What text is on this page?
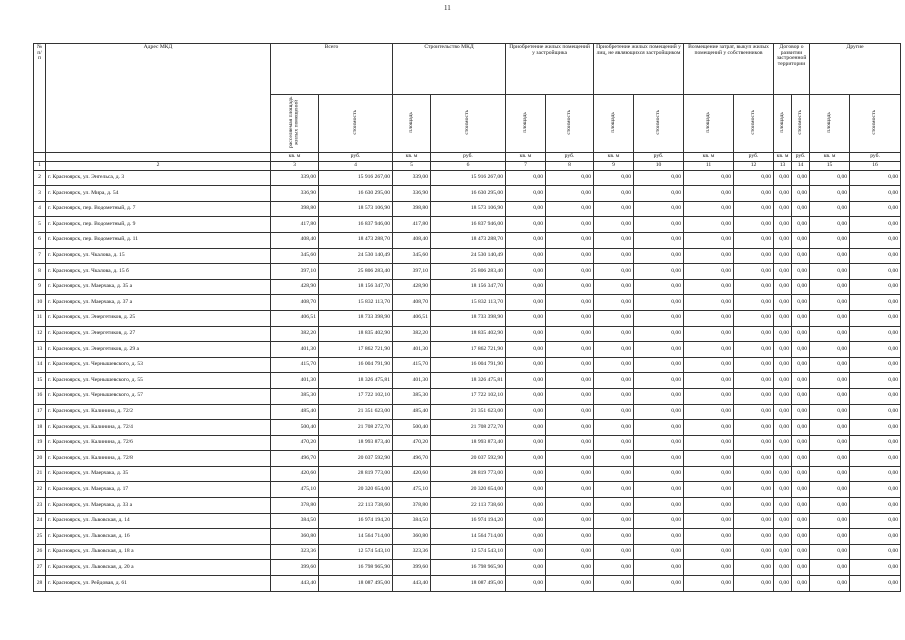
11
№ п/п	Адрес МКД	Всего		Строительство МКД		Приобретение жилых помещений у застройщика		Приобретение жилых помещений у лиц, не являющихся застройщиком		Возмещение затрат, выкуп жилых помещений у собственников		Договор о развитии застроенной территории		Другие	
		расселяемая площадь жилых помещений	стоимость	площадь	стоимость	площадь	стоимость	площадь	стоимость	площадь	стоимость	площадь	стоимость	площадь	стоимость
		кв. м	руб.	кв. м	руб.	кв. м	руб.	кв. м	руб.	кв. м	руб.	кв. м	руб.	кв. м	руб.
1	2	3	4	5	6	7	8	9	10	11	12	13	14	15	16
2	г. Красноярск, ул. Энгельса, д. 3	339,00	15 916 267,00	339,00	15 916 267,00	0,00	0,00	0,00	0,00	0,00	0,00	0,00	0,00	0,00	0,00
3	г. Красноярск, ул. Мира, д. 54	336,90	16 630 295,00	336,90	16 630 295,00	0,00	0,00	0,00	0,00	0,00	0,00	0,00	0,00	0,00	0,00
4	г. Красноярск, пер. Водометный, д. 7	398,80	18 573 106,90	398,80	18 573 106,90	0,00	0,00	0,00	0,00	0,00	0,00	0,00	0,00	0,00	0,00
5	г. Красноярск, пер. Водометный, д. 9	417,80	16 837 946,00	417,80	16 837 946,00	0,00	0,00	0,00	0,00	0,00	0,00	0,00	0,00	0,00	0,00
6	г. Красноярск, пер. Водометный, д. 11	408,40	18 473 288,70	408,40	18 473 288,70	0,00	0,00	0,00	0,00	0,00	0,00	0,00	0,00	0,00	0,00
7	г. Красноярск, ул. Чкалова, д. 15	345,60	24 530 140,49	345,60	24 530 140,49	0,00	0,00	0,00	0,00	0,00	0,00	0,00	0,00	0,00	0,00
8	г. Красноярск, ул. Чкалова, д. 15 б	397,10	25 806 283,40	397,10	25 806 283,40	0,00	0,00	0,00	0,00	0,00	0,00	0,00	0,00	0,00	0,00
9	г. Красноярск, ул. Маерчака, д. 35 а	428,90	18 156 347,70	428,90	18 156 347,70	0,00	0,00	0,00	0,00	0,00	0,00	0,00	0,00	0,00	0,00
10	г. Красноярск, ул. Маерчака, д. 37 а	408,70	15 832 113,70	408,70	15 832 113,70	0,00	0,00	0,00	0,00	0,00	0,00	0,00	0,00	0,00	0,00
11	г. Красноярск, ул. Энергетиков, д. 25	406,51	18 733 398,90	406,51	18 733 398,90	0,00	0,00	0,00	0,00	0,00	0,00	0,00	0,00	0,00	0,00
12	г. Красноярск, ул. Энергетиков, д. 27	382,20	18 835 402,90	382,20	18 835 402,90	0,00	0,00	0,00	0,00	0,00	0,00	0,00	0,00	0,00	0,00
13	г. Красноярск, ул. Энергетиков, д. 29 а	401,30	17 862 721,90	401,30	17 862 721,90	0,00	0,00	0,00	0,00	0,00	0,00	0,00	0,00	0,00	0,00
14	г. Красноярск, ул. Чернышевского, д. 53	415,70	16 004 791,90	415,70	16 004 791,90	0,00	0,00	0,00	0,00	0,00	0,00	0,00	0,00	0,00	0,00
15	г. Красноярск, ул. Чернышевского, д. 55	401,30	18 326 475,81	401,30	18 326 475,81	0,00	0,00	0,00	0,00	0,00	0,00	0,00	0,00	0,00	0,00
16	г. Красноярск, ул. Чернышевского, д. 57	385,30	17 722 102,10	385,30	17 722 102,10	0,00	0,00	0,00	0,00	0,00	0,00	0,00	0,00	0,00	0,00
17	г. Красноярск, ул. Калинина, д. 72/2	485,40	21 351 623,00	485,40	21 351 623,00	0,00	0,00	0,00	0,00	0,00	0,00	0,00	0,00	0,00	0,00
18	г. Красноярск, ул. Калинина, д. 72/4	500,40	21 708 272,70	500,40	21 708 272,70	0,00	0,00	0,00	0,00	0,00	0,00	0,00	0,00	0,00	0,00
19	г. Красноярск, ул. Калинина, д. 72/6	470,20	18 993 873,40	470,20	18 993 873,40	0,00	0,00	0,00	0,00	0,00	0,00	0,00	0,00	0,00	0,00
20	г. Красноярск, ул. Калинина, д. 72/8	496,70	20 037 592,90	496,70	20 037 592,90	0,00	0,00	0,00	0,00	0,00	0,00	0,00	0,00	0,00	0,00
21	г. Красноярск, ул. Маерчака, д. 35	420,60	28 819 773,00	420,60	28 819 773,00	0,00	0,00	0,00	0,00	0,00	0,00	0,00	0,00	0,00	0,00
22	г. Красноярск, ул. Маерчака, д. 17	475,10	20 320 654,00	475,10	20 320 654,00	0,00	0,00	0,00	0,00	0,00	0,00	0,00	0,00	0,00	0,00
23	г. Красноярск, ул. Маерчака, д. 33 а	378,80	22 113 738,60	378,80	22 113 738,60	0,00	0,00	0,00	0,00	0,00	0,00	0,00	0,00	0,00	0,00
24	г. Красноярск, ул. Львовская, д. 14	384,50	16 974 194,20	384,50	16 974 194,20	0,00	0,00	0,00	0,00	0,00	0,00	0,00	0,00	0,00	0,00
25	г. Красноярск, ул. Львовская, д. 16	360,80	14 564 714,00	360,80	14 564 714,00	0,00	0,00	0,00	0,00	0,00	0,00	0,00	0,00	0,00	0,00
26	г. Красноярск, ул. Львовская, д. 18 а	323,36	12 574 543,10	323,36	12 574 543,10	0,00	0,00	0,00	0,00	0,00	0,00	0,00	0,00	0,00	0,00
27	г. Красноярск, ул. Львовская, д. 20 а	399,60	16 798 965,90	399,60	16 798 965,90	0,00	0,00	0,00	0,00	0,00	0,00	0,00	0,00	0,00	0,00
28	г. Красноярск, ул. Рейдовая, д. 61	443,40	18 087 495,00	443,40	18 087 495,00	0,00	0,00	0,00	0,00	0,00	0,00	0,00	0,00	0,00	0,00
